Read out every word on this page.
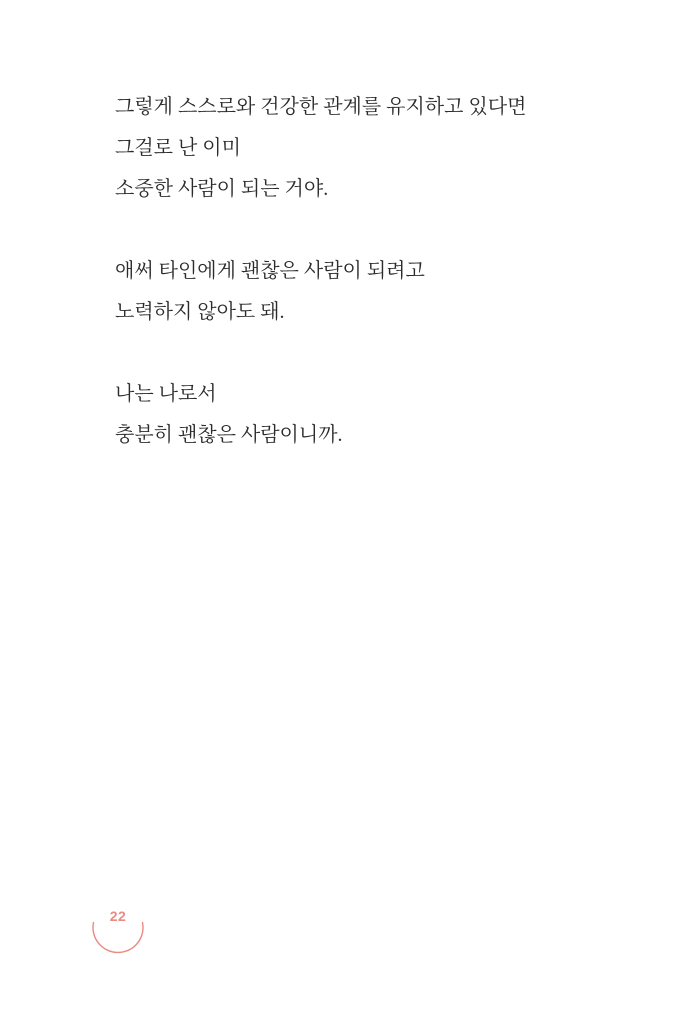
그렇게 스스로와 건강한 관계를 유지하고 있다면
그걸로 난 이미
소중한 사람이 되는 거야.
애써 타인에게 괜찮은 사람이 되려고
노력하지 않아도 돼.
나는 나로서
충분히 괜찮은 사람이니까.
22
